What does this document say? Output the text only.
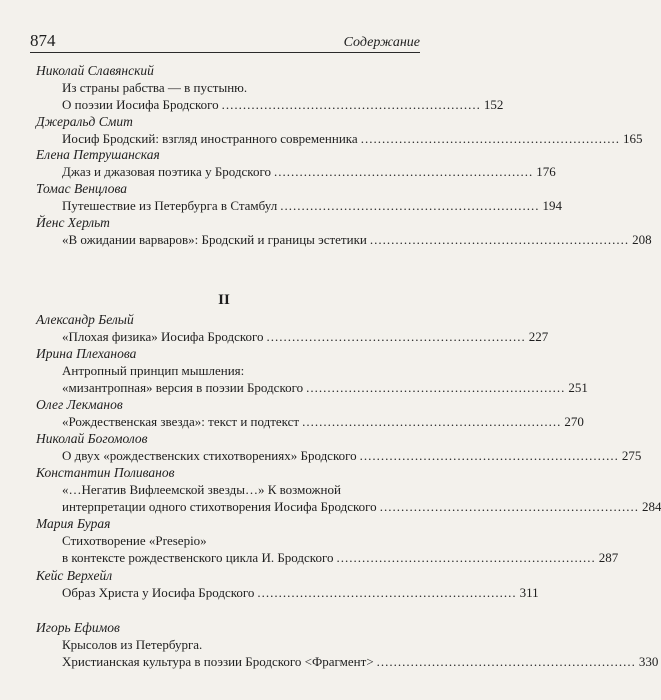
874	Содержание
II
Николай Славянский
Из страны рабства — в пустыню.
О поэзии Иосифа Бродского ............................................................. 152
Джеральд Смит
Иосиф Бродский: взгляд иностранного современника ............................................................. 165
Елена Петрушанская
Джаз и джазовая поэтика у Бродского ............................................................. 176
Томас Венцлова
Путешествие из Петербурга в Стамбул ............................................................. 194
Йенс Херльт
«В ожидании варваров»: Бродский и границы эстетики ............................................................. 208
Александр Белый
«Плохая физика» Иосифа Бродского ............................................................. 227
Ирина Плеханова
Антропный принцип мышления:
«мизантропная» версия в поэзии Бродского ............................................................. 251
Олег Лекманов
«Рождественская звезда»: текст и подтекст ............................................................. 270
Николай Богомолов
О двух «рождественских стихотворениях» Бродского ............................................................. 275
Константин Поливанов
«…Негатив Вифлеемской звезды…» К возможной
интерпретации одного стихотворения Иосифа Бродского ............................................................. 284
Мария Бурая
Стихотворение «Presepio»
в контексте рождественского цикла И. Бродского ............................................................. 287
Кейс Верхейл
Образ Христа у Иосифа Бродского ............................................................. 311
Игорь Ефимов
Крысолов из Петербурга.
Христианская культура в поэзии Бродского <Фрагмент> ............................................................. 330
